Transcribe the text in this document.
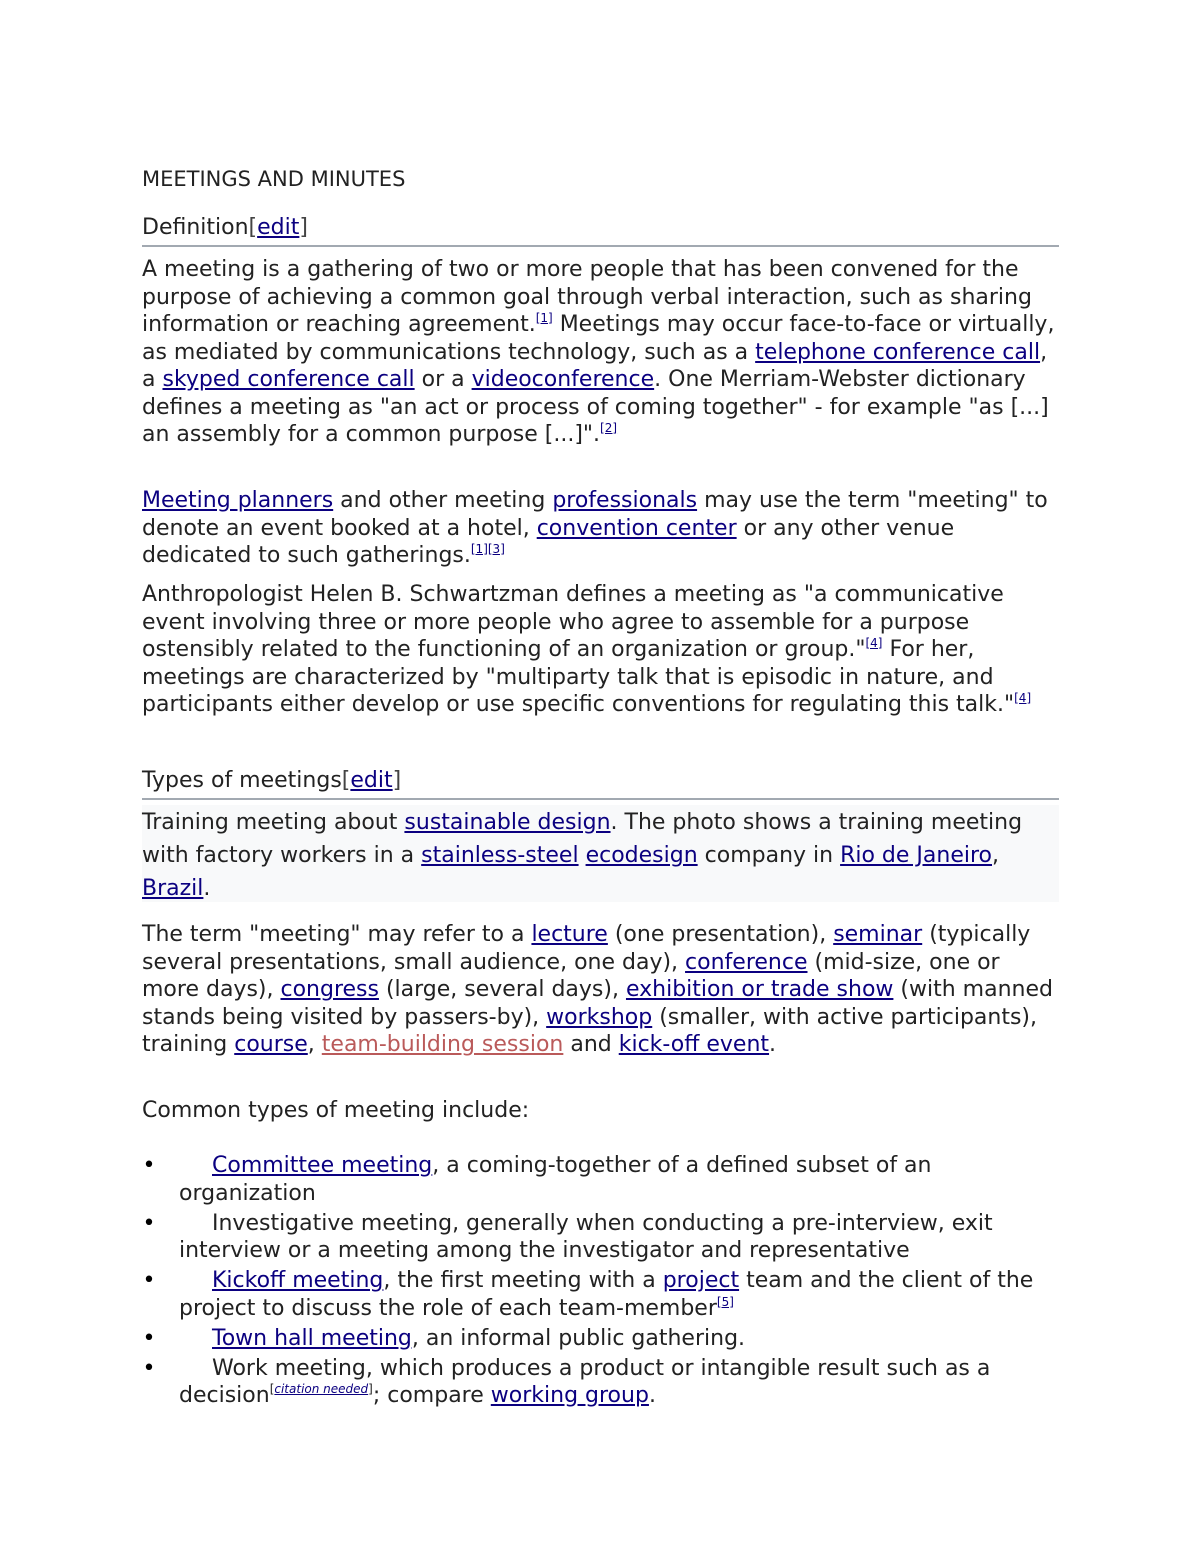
MEETINGS AND MINUTES
Definition[edit]
A meeting is a gathering of two or more people that has been convened for the purpose of achieving a common goal through verbal interaction, such as sharing information or reaching agreement.[1] Meetings may occur face-to-face or virtually, as mediated by communications technology, such as a telephone conference call, a skyped conference call or a videoconference. One Merriam-Webster dictionary defines a meeting as "an act or process of coming together" - for example "as [...] an assembly for a common purpose [...]".[2]
Meeting planners and other meeting professionals may use the term "meeting" to denote an event booked at a hotel, convention center or any other venue dedicated to such gatherings.[1][3]
Anthropologist Helen B. Schwartzman defines a meeting as "a communicative event involving three or more people who agree to assemble for a purpose ostensibly related to the functioning of an organization or group."[4] For her, meetings are characterized by "multiparty talk that is episodic in nature, and participants either develop or use specific conventions for regulating this talk."[4]
Types of meetings[edit]
Training meeting about sustainable design. The photo shows a training meeting with factory workers in a stainless-steel ecodesign company in Rio de Janeiro, Brazil.
The term "meeting" may refer to a lecture (one presentation), seminar (typically several presentations, small audience, one day), conference (mid-size, one or more days), congress (large, several days), exhibition or trade show (with manned stands being visited by passers-by), workshop (smaller, with active participants), training course, team-building session and kick-off event.
Common types of meeting include:
•	Committee meeting, a coming-together of a defined subset of an organization
•	Investigative meeting, generally when conducting a pre-interview, exit interview or a meeting among the investigator and representative
•	Kickoff meeting, the first meeting with a project team and the client of the project to discuss the role of each team-member[5]
•	Town hall meeting, an informal public gathering.
•	Work meeting, which produces a product or intangible result such as a decision[citation needed]; compare working group.
